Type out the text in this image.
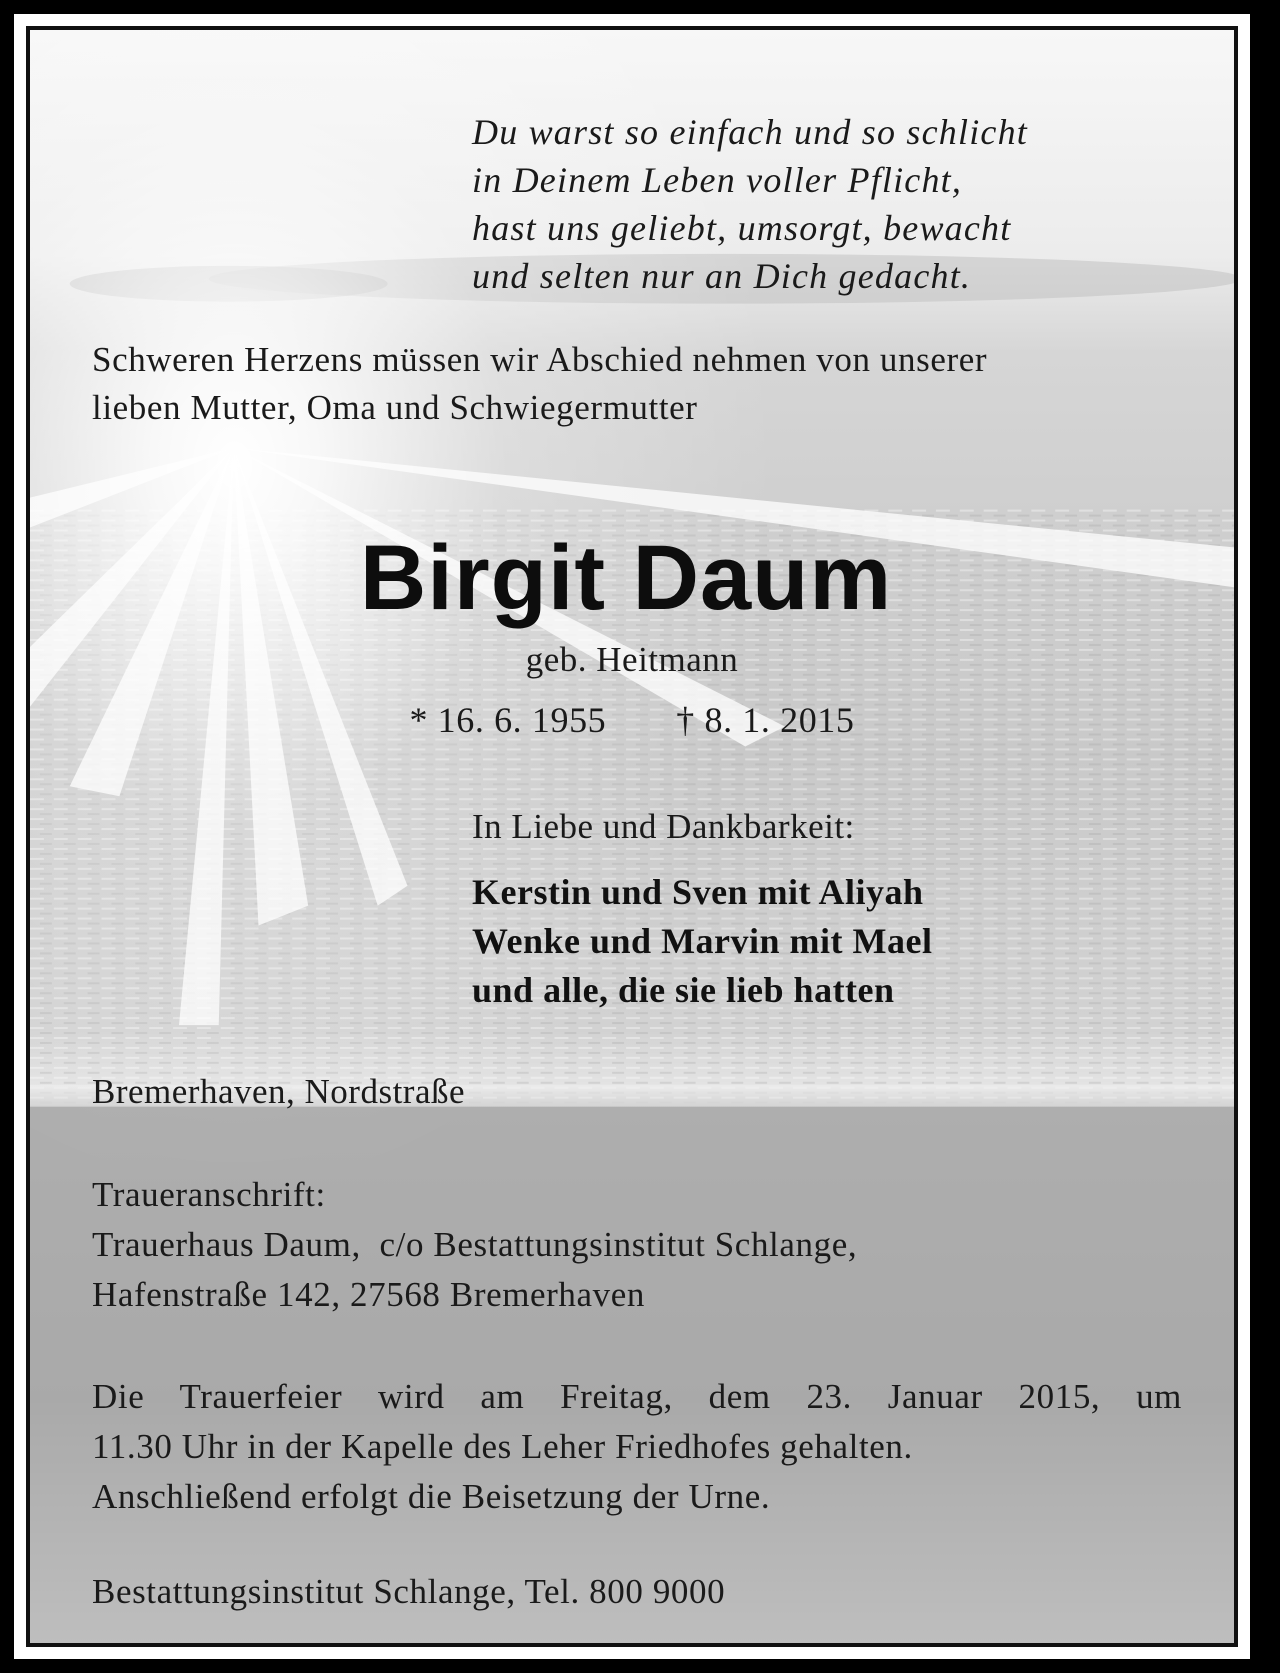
Du warst so einfach und so schlicht
in Deinem Leben voller Pflicht,
hast uns geliebt, umsorgt, bewacht
und selten nur an Dich gedacht.
Schweren Herzens müssen wir Abschied nehmen von unserer
lieben Mutter, Oma und Schwiegermutter
Birgit Daum
geb. Heitmann
* 16. 6. 1955 † 8. 1. 2015
In Liebe und Dankbarkeit:
Kerstin und Sven mit Aliyah
Wenke und Marvin mit Mael
und alle, die sie lieb hatten
Bremerhaven, Nordstraße
Traueranschrift:
Trauerhaus Daum,  c/o Bestattungsinstitut Schlange,
Hafenstraße 142, 27568 Bremerhaven
Die Trauerfeier wird am Freitag, dem 23. Januar 2015, um
11.30 Uhr in der Kapelle des Leher Friedhofes gehalten.
Anschließend erfolgt die Beisetzung der Urne.
Bestattungsinstitut Schlange, Tel. 800 9000
